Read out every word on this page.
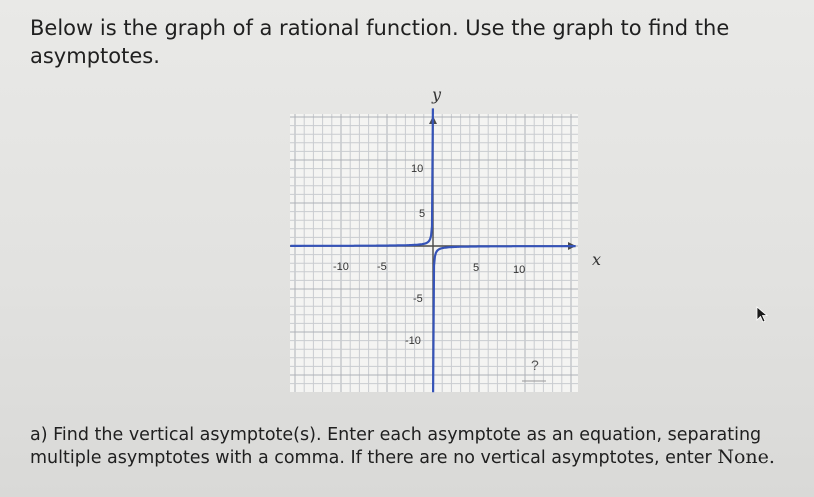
Below is the graph of a rational function. Use the graph to find the asymptotes.
y
x
-10	-5	5	10
10
5
-5
-10
?

a) Find the vertical asymptote(s). Enter each asymptote as an equation, separating multiple asymptotes with a comma. If there are no vertical asymptotes, enter None.
